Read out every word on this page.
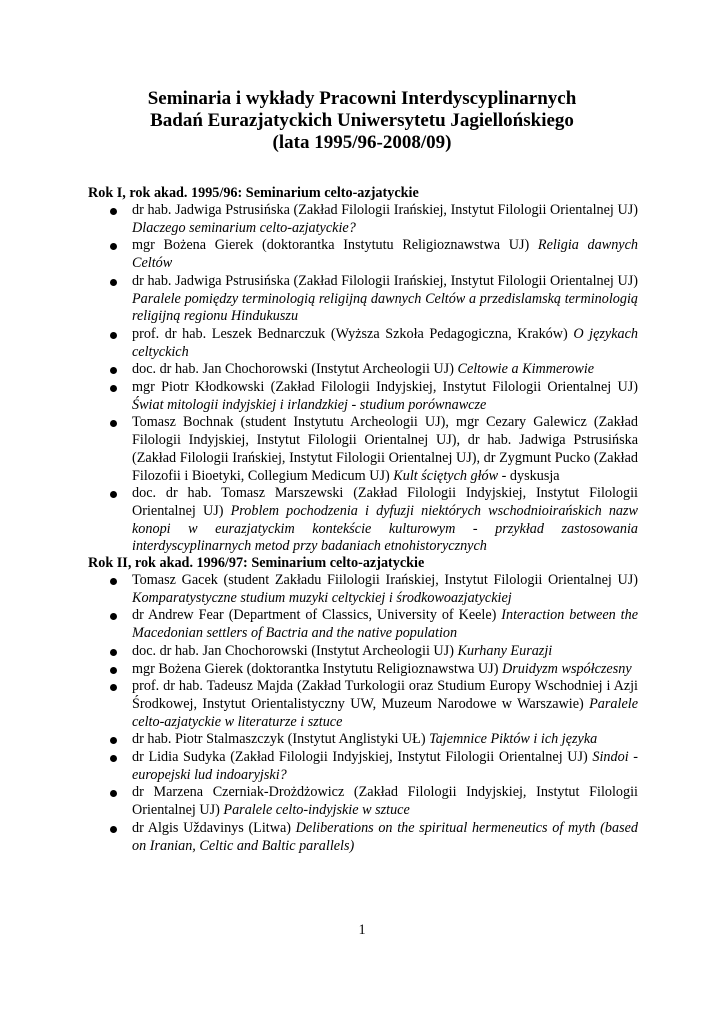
Seminaria i wykłady Pracowni Interdyscyplinarnych
Badań Eurazjatyckich Uniwersytetu Jagiellońskiego
(lata 1995/96-2008/09)
Rok I, rok akad. 1995/96: Seminarium celto-azjatyckie
dr hab. Jadwiga Pstrusińska (Zakład Filologii Irańskiej, Instytut Filologii Orientalnej UJ) Dlaczego seminarium celto-azjatyckie?
mgr Bożena Gierek (doktorantka Instytutu Religioznawstwa UJ) Religia dawnych Celtów
dr hab. Jadwiga Pstrusińska (Zakład Filologii Irańskiej, Instytut Filologii Orientalnej UJ) Paralele pomiędzy terminologią religijną dawnych Celtów a przedislamską terminologią religijną regionu Hindukuszu
prof. dr hab. Leszek Bednarczuk (Wyższa Szkoła Pedagogiczna, Kraków) O językach celtyckich
doc. dr hab. Jan Chochorowski (Instytut Archeologii UJ) Celtowie a Kimmerowie
mgr Piotr Kłodkowski (Zakład Filologii Indyjskiej, Instytut Filologii Orientalnej UJ) Świat mitologii indyjskiej i irlandzkiej - studium porównawcze
Tomasz Bochnak (student Instytutu Archeologii UJ), mgr Cezary Galewicz (Zakład Filologii Indyjskiej, Instytut Filologii Orientalnej UJ), dr hab. Jadwiga Pstrusińska (Zakład Filologii Irańskiej, Instytut Filologii Orientalnej UJ), dr Zygmunt Pucko (Zakład Filozofii i Bioetyki, Collegium Medicum UJ) Kult ściętych głów - dyskusja
doc. dr hab. Tomasz Marszewski (Zakład Filologii Indyjskiej, Instytut Filologii Orientalnej UJ) Problem pochodzenia i dyfuzji niektórych wschodnioirańskich nazw konopi w eurazjatyckim kontekście kulturowym - przykład zastosowania interdyscyplinarnych metod przy badaniach etnohistorycznych
Rok II, rok akad. 1996/97: Seminarium celto-azjatyckie
Tomasz Gacek (student Zakładu Fiilologii Irańskiej, Instytut Filologii Orientalnej UJ) Komparatystyczne studium muzyki celtyckiej i środkowoazjatyckiej
dr Andrew Fear (Department of Classics, University of Keele) Interaction between the Macedonian settlers of Bactria and the native population
doc. dr hab. Jan Chochorowski (Instytut Archeologii UJ) Kurhany Eurazji
mgr Bożena Gierek (doktorantka Instytutu Religioznawstwa UJ) Druidyzm współczesny
prof. dr hab. Tadeusz Majda (Zakład Turkologii oraz Studium Europy Wschodniej i Azji Środkowej, Instytut Orientalistyczny UW, Muzeum Narodowe w Warszawie) Paralele celto-azjatyckie w literaturze i sztuce
dr hab. Piotr Stalmaszczyk (Instytut Anglistyki UŁ) Tajemnice Piktów i ich języka
dr Lidia Sudyka (Zakład Filologii Indyjskiej, Instytut Filologii Orientalnej UJ) Sindoi -europejski lud indoaryjski?
dr Marzena Czerniak-Drożdżowicz (Zakład Filologii Indyjskiej, Instytut Filologii Orientalnej UJ) Paralele celto-indyjskie w sztuce
dr Algis Uždavinys (Litwa) Deliberations on the spiritual hermeneutics of myth (based on Iranian, Celtic and Baltic parallels)
1
